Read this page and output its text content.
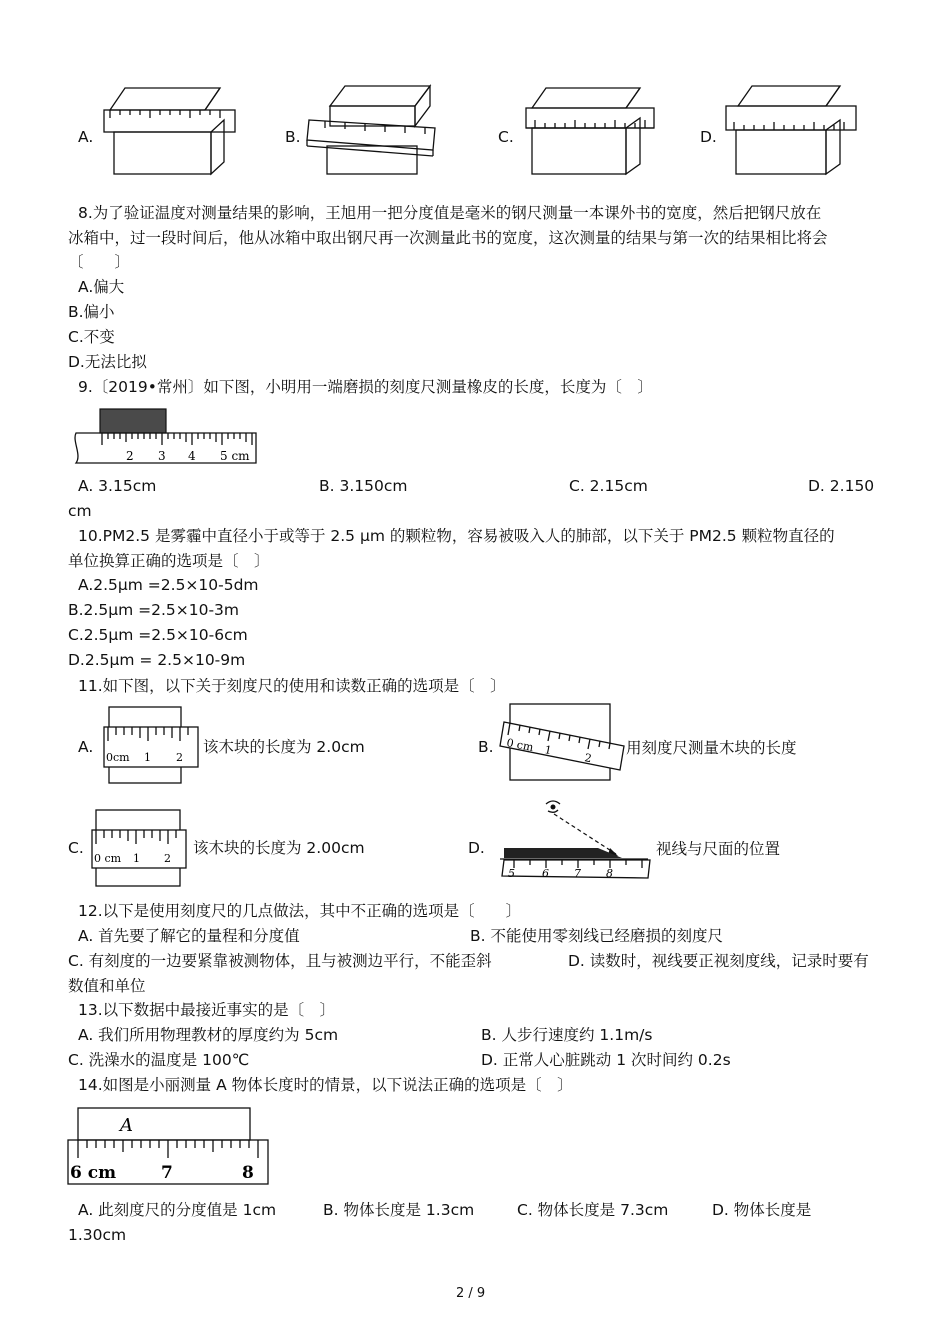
A.	B.	C.	D.
8.为了验证温度对测量结果的影响，王旭用一把分度值是毫米的钢尺测量一本课外书的宽度，然后把钢尺放在
冰箱中，过一段时间后，他从冰箱中取出钢尺再一次测量此书的宽度，这次测量的结果与第一次的结果相比将会
〔　　〕
A.偏大
B.偏小
C.不变
D.无法比拟
9.〔2019•常州〕如下图，小明用一端磨损的刻度尺测量橡皮的长度，长度为〔　〕
2 3 4 5 cm
A. 3.15cm	B. 3.150cm	C. 2.15cm	D. 2.150
cm
10.PM2.5 是雾霾中直径小于或等于 2.5 μm 的颗粒物，容易被吸入人的肺部，以下关于 PM2.5 颗粒物直径的
单位换算正确的选项是〔　〕
A.2.5μm =2.5×10-5dm
B.2.5μm =2.5×10-3m
C.2.5μm =2.5×10-6cm
D.2.5μm = 2.5×10-9m
11.如下图，以下关于刻度尺的使用和读数正确的选项是〔　〕
A.
0cm 1 2
该木块的长度为 2.0cm	B. 0 cm 1
2
用刻度尺测量木块的长度
C.
0 cm 1 2
该木块的长度为 2.00cm	D.
5 6 7 8
视线与尺面的位置
12.以下是使用刻度尺的几点做法，其中不正确的选项是〔　　〕
A. 首先要了解它的量程和分度值	B. 不能使用零刻线已经磨损的刻度尺
C. 有刻度的一边要紧靠被测物体，且与被测边平行，不能歪斜	D. 读数时，视线要正视刻度线，记录时要有
数值和单位
13.以下数据中最接近事实的是〔　〕
A. 我们所用物理教材的厚度约为 5cm	B. 人步行速度约 1.1m/s
C. 洗澡水的温度是 100℃	D. 正常人心脏跳动 1 次时间约 0.2s
14.如图是小丽测量 A 物体长度时的情景，以下说法正确的选项是〔　〕
A
6 cm	7	8
A. 此刻度尺的分度值是 1cm	B. 物体长度是 1.3cm	C. 物体长度是 7.3cm	D. 物体长度是
1.30cm
2 / 9
